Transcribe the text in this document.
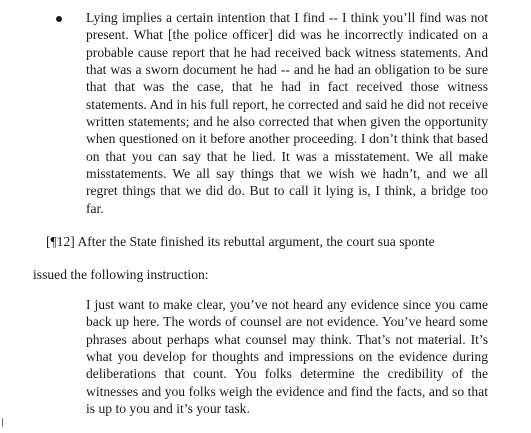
Lying implies a certain intention that I find -- I think you’ll find was not present. What [the police officer] did was he incorrectly indicated on a probable cause report that he had received back witness statements. And that was a sworn document he had -- and he had an obligation to be sure that that was the case, that he had in fact received those witness statements. And in his full report, he corrected and said he did not receive written statements; and he also corrected that when given the opportunity when questioned on it before another proceeding. I don’t think that based on that you can say that he lied. It was a misstatement. We all make misstatements. We all say things that we wish we hadn’t, and we all regret things that we did do. But to call it lying is, I think, a bridge too far.
[¶12] After the State finished its rebuttal argument, the court sua sponte
issued the following instruction:
I just want to make clear, you’ve not heard any evidence since you came back up here. The words of counsel are not evidence. You’ve heard some phrases about perhaps what counsel may think. That’s not material. It’s what you develop for thoughts and impressions on the evidence during deliberations that count. You folks determine the credibility of the witnesses and you folks weigh the evidence and find the facts, and so that is up to you and it’s your task.
